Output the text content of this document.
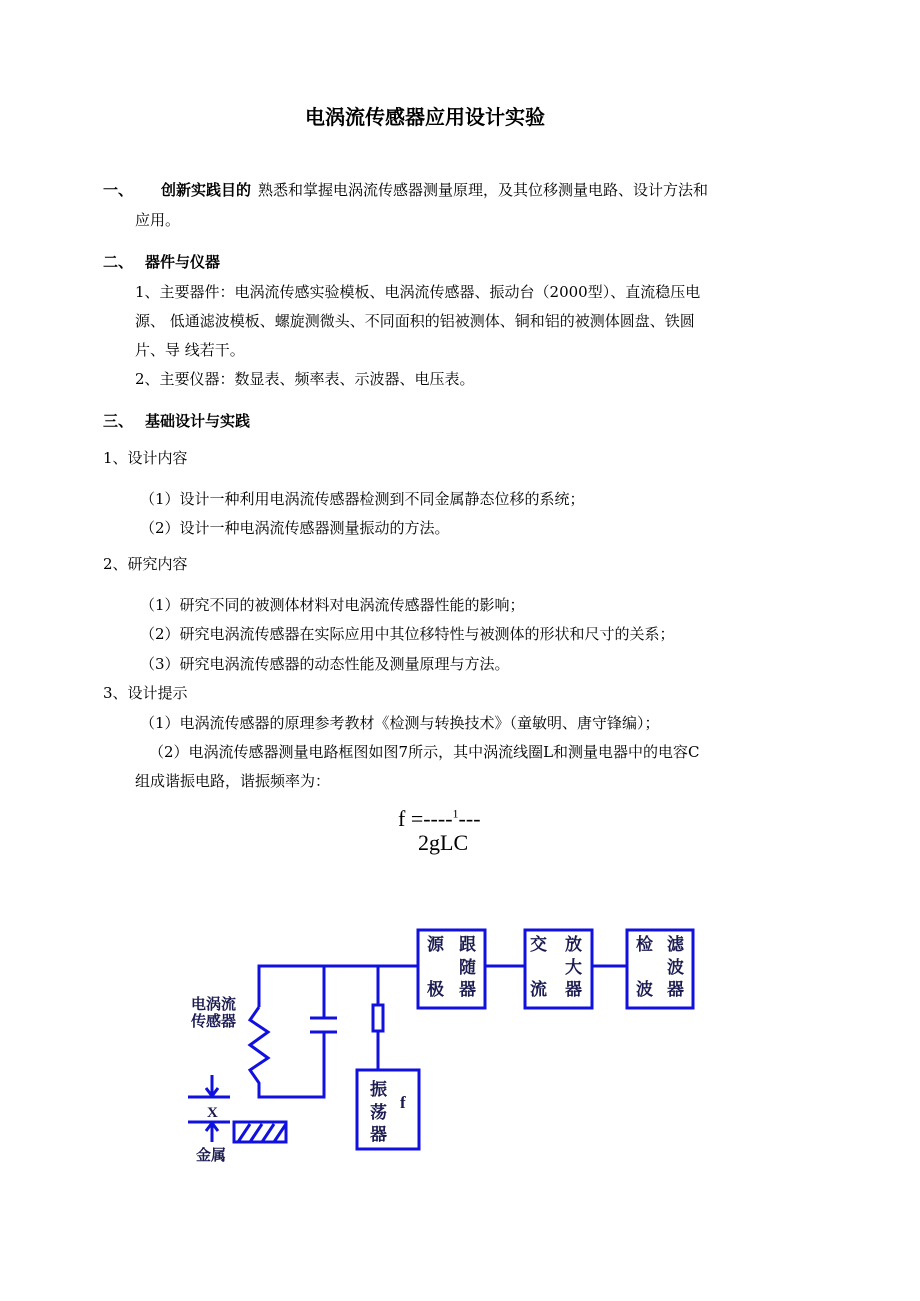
电涡流传感器应用设计实验
一、 创新实践目的 熟悉和掌握电涡流传感器测量原理，及其位移测量电路、设计方法和
应用。
二、 器件与仪器
1、主要器件：电涡流传感实验模板、电涡流传感器、振动台（2000型）、直流稳压电
源、 低通滤波模板、螺旋测微头、不同面积的铝被测体、铜和铝的被测体圆盘、铁圆
片、导 线若干。
2、主要仪器：数显表、频率表、示波器、电压表。
三、 基础设计与实践
1、设计内容
（1）设计一种利用电涡流传感器检测到不同金属静态位移的系统；
（2）设计一种电涡流传感器测量振动的方法。
2、研究内容
（1）研究不同的被测体材料对电涡流传感器性能的影响；
（2）研究电涡流传感器在实际应用中其位移特性与被测体的形状和尺寸的关系；
（3）研究电涡流传感器的动态性能及测量原理与方法。
3、设计提示
（1）电涡流传感器的原理参考教材《检测与转换技术》（童敏明、唐守锋编）；
（2）电涡流传感器测量电路框图如图7所示，其中涡流线圈L和测量电器中的电容C
组成谐振电路，谐振频率为：
f =----$^1$---
2gLC
电涡流
传感器
X
金属
振
荡
器
f
源 跟
随
极 器
交 放
大
流 器
检 滤
波
波 器
